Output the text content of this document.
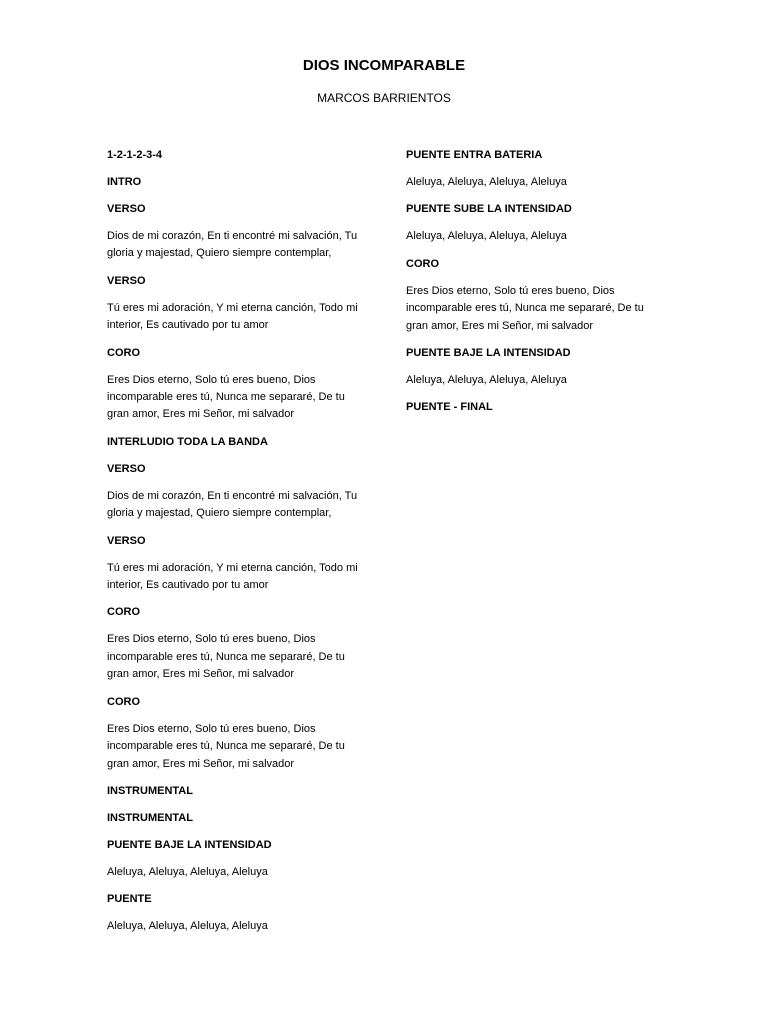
DIOS INCOMPARABLE
MARCOS BARRIENTOS
1-2-1-2-3-4
INTRO
VERSO
Dios de mi corazón, En ti encontré mi salvación, Tu gloria y majestad, Quiero siempre contemplar,
VERSO
Tú eres mi adoración, Y mi eterna canción, Todo mi interior, Es cautivado por tu amor
CORO
Eres Dios eterno, Solo tú eres bueno, Dios incomparable eres tú, Nunca me separaré, De tu gran amor, Eres mi Señor, mi salvador
INTERLUDIO TODA LA BANDA
VERSO
Dios de mi corazón, En ti encontré mi salvación, Tu gloria y majestad, Quiero siempre contemplar,
VERSO
Tú eres mi adoración, Y mi eterna canción, Todo mi interior, Es cautivado por tu amor
CORO
Eres Dios eterno, Solo tú eres bueno, Dios incomparable eres tú, Nunca me separaré, De tu gran amor, Eres mi Señor, mi salvador
CORO
Eres Dios eterno, Solo tú eres bueno, Dios incomparable eres tú, Nunca me separaré, De tu gran amor, Eres mi Señor, mi salvador
INSTRUMENTAL
INSTRUMENTAL
PUENTE BAJE LA INTENSIDAD
Aleluya, Aleluya, Aleluya, Aleluya
PUENTE
Aleluya, Aleluya, Aleluya, Aleluya
PUENTE ENTRA BATERIA
Aleluya, Aleluya, Aleluya, Aleluya
PUENTE SUBE LA INTENSIDAD
Aleluya, Aleluya, Aleluya, Aleluya
CORO
Eres Dios eterno, Solo tú eres bueno, Dios incomparable eres tú, Nunca me separaré, De tu gran amor, Eres mi Señor, mi salvador
PUENTE BAJE LA INTENSIDAD
Aleluya, Aleluya, Aleluya, Aleluya
PUENTE - FINAL
